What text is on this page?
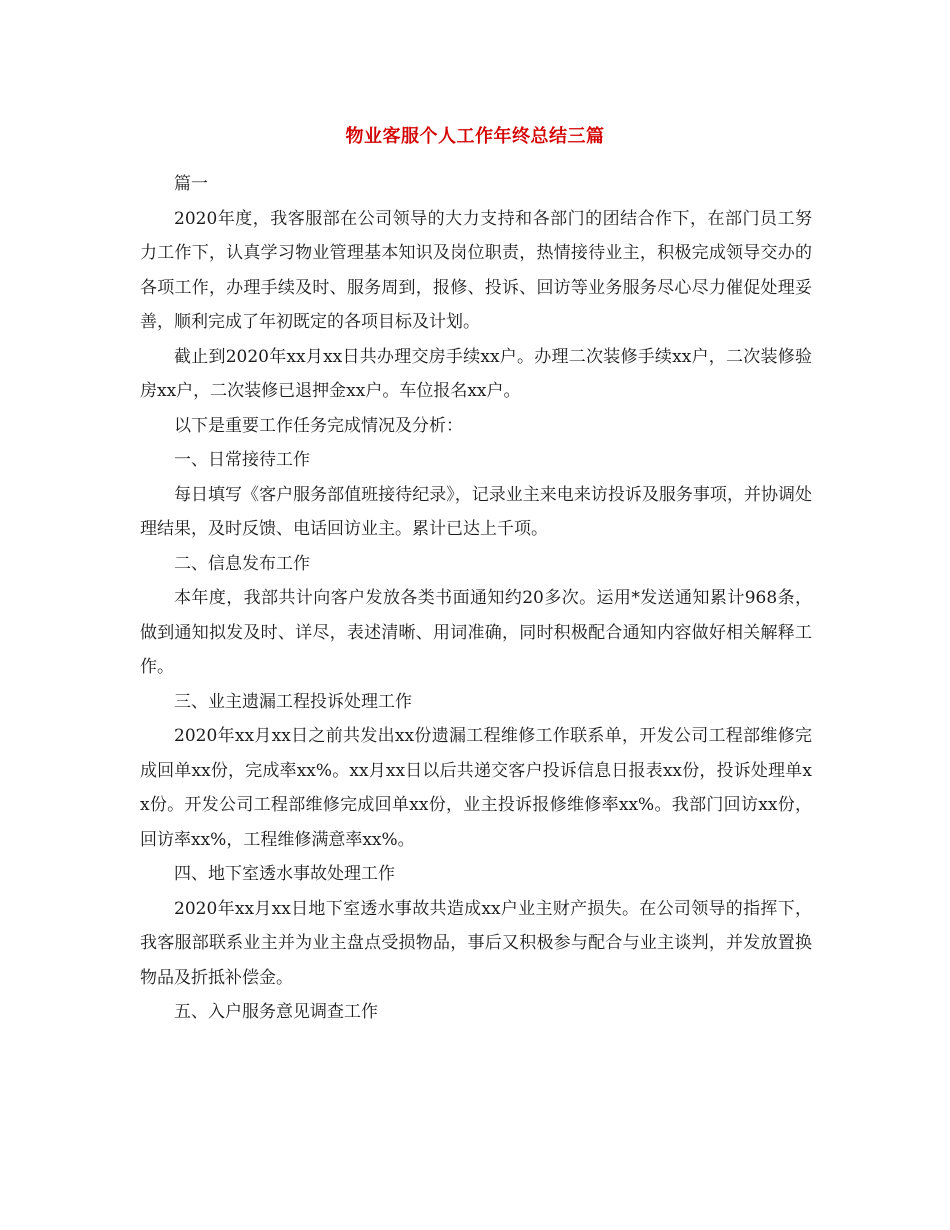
物业客服个人工作年终总结三篇

篇一

2020年度，我客服部在公司领导的大力支持和各部门的团结合作下，在部门员工努力工作下，认真学习物业管理基本知识及岗位职责，热情接待业主，积极完成领导交办的各项工作，办理手续及时、服务周到，报修、投诉、回访等业务服务尽心尽力催促处理妥善，顺利完成了年初既定的各项目标及计划。

截止到2020年xx月xx日共办理交房手续xx户。办理二次装修手续xx户，二次装修验房xx户，二次装修已退押金xx户。车位报名xx户。

以下是重要工作任务完成情况及分析：

一、日常接待工作

每日填写《客户服务部值班接待纪录》，记录业主来电来访投诉及服务事项，并协调处理结果，及时反馈、电话回访业主。累计已达上千项。

二、信息发布工作

本年度，我部共计向客户发放各类书面通知约20多次。运用*发送通知累计968条，做到通知拟发及时、详尽，表述清晰、用词准确，同时积极配合通知内容做好相关解释工作。

三、业主遗漏工程投诉处理工作

2020年xx月xx日之前共发出xx份遗漏工程维修工作联系单，开发公司工程部维修完成回单xx份，完成率xx%。xx月xx日以后共递交客户投诉信息日报表xx份，投诉处理单xx份。开发公司工程部维修完成回单xx份，业主投诉报修维修率xx%。我部门回访xx份，回访率xx%，工程维修满意率xx%。

四、地下室透水事故处理工作

2020年xx月xx日地下室透水事故共造成xx户业主财产损失。在公司领导的指挥下，我客服部联系业主并为业主盘点受损物品，事后又积极参与配合与业主谈判，并发放置换物品及折抵补偿金。

五、入户服务意见调查工作
